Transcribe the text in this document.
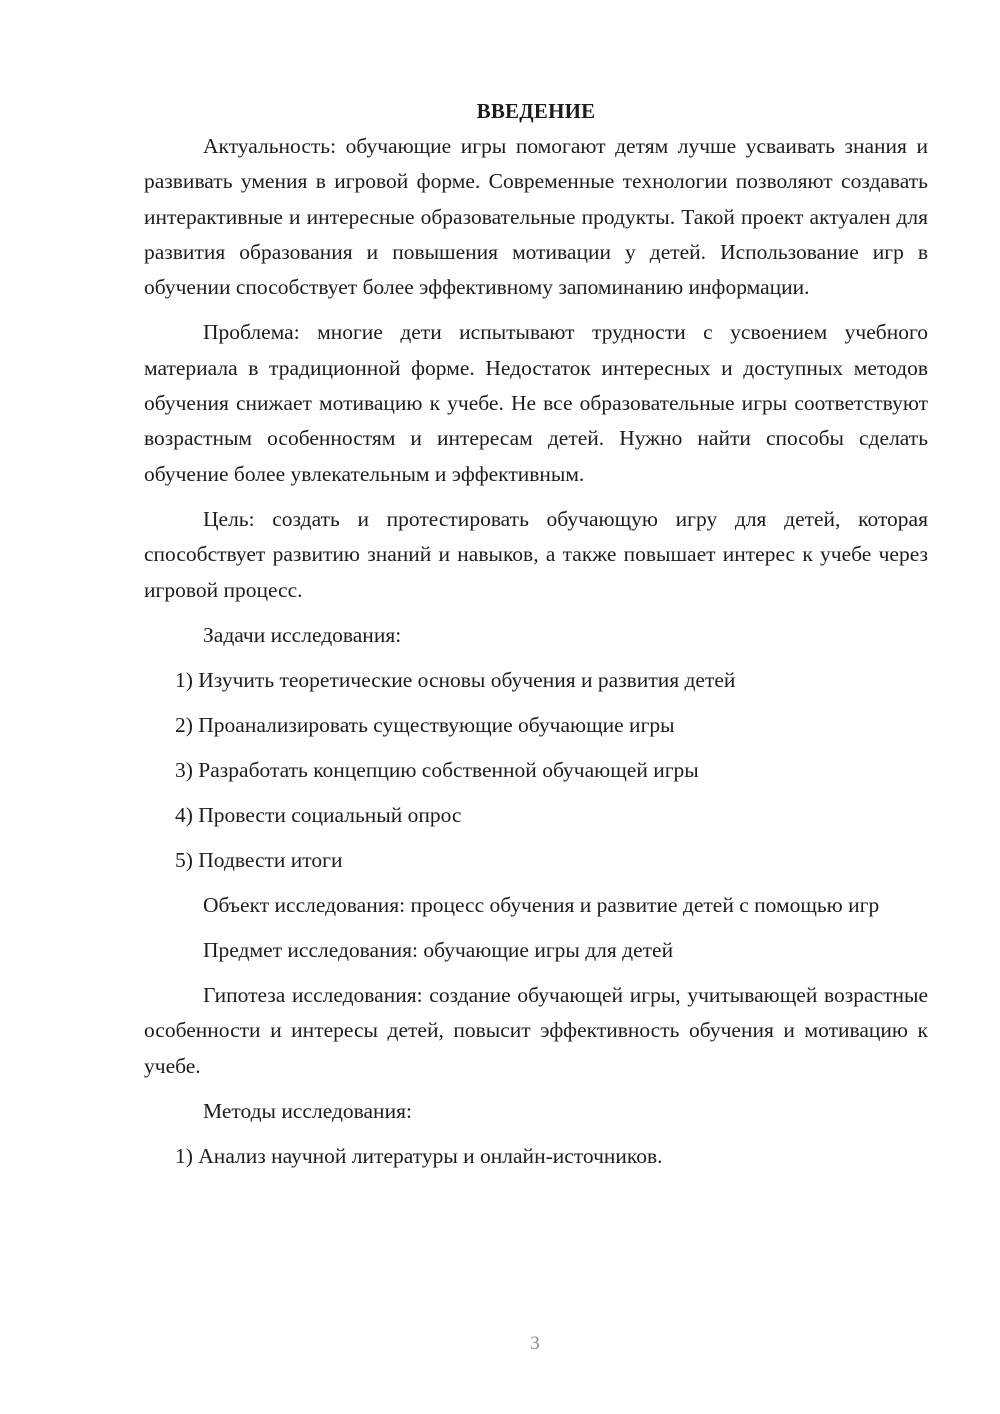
ВВЕДЕНИЕ

Актуальность: обучающие игры помогают детям лучше усваивать знания и развивать умения в игровой форме. Современные технологии позволяют создавать интерактивные и интересные образовательные продукты. Такой проект актуален для развития образования и повышения мотивации у детей. Использование игр в обучении способствует более эффективному запоминанию информации.

Проблема: многие дети испытывают трудности с усвоением учебного материала в традиционной форме. Недостаток интересных и доступных методов обучения снижает мотивацию к учебе. Не все образовательные игры соответствуют возрастным особенностям и интересам детей. Нужно найти способы сделать обучение более увлекательным и эффективным.

Цель: создать и протестировать обучающую игру для детей, которая способствует развитию знаний и навыков, а также повышает интерес к учебе через игровой процесс.

Задачи исследования:

1) Изучить теоретические основы обучения и развития детей
2) Проанализировать существующие обучающие игры
3) Разработать концепцию собственной обучающей игры
4) Провести социальный опрос
5) Подвести итоги

Объект исследования: процесс обучения и развитие детей с помощью игр

Предмет исследования: обучающие игры для детей

Гипотеза исследования: создание обучающей игры, учитывающей возрастные особенности и интересы детей, повысит эффективность обучения и мотивацию к учебе.

Методы исследования:

1) Анализ научной литературы и онлайн-источников.
3
